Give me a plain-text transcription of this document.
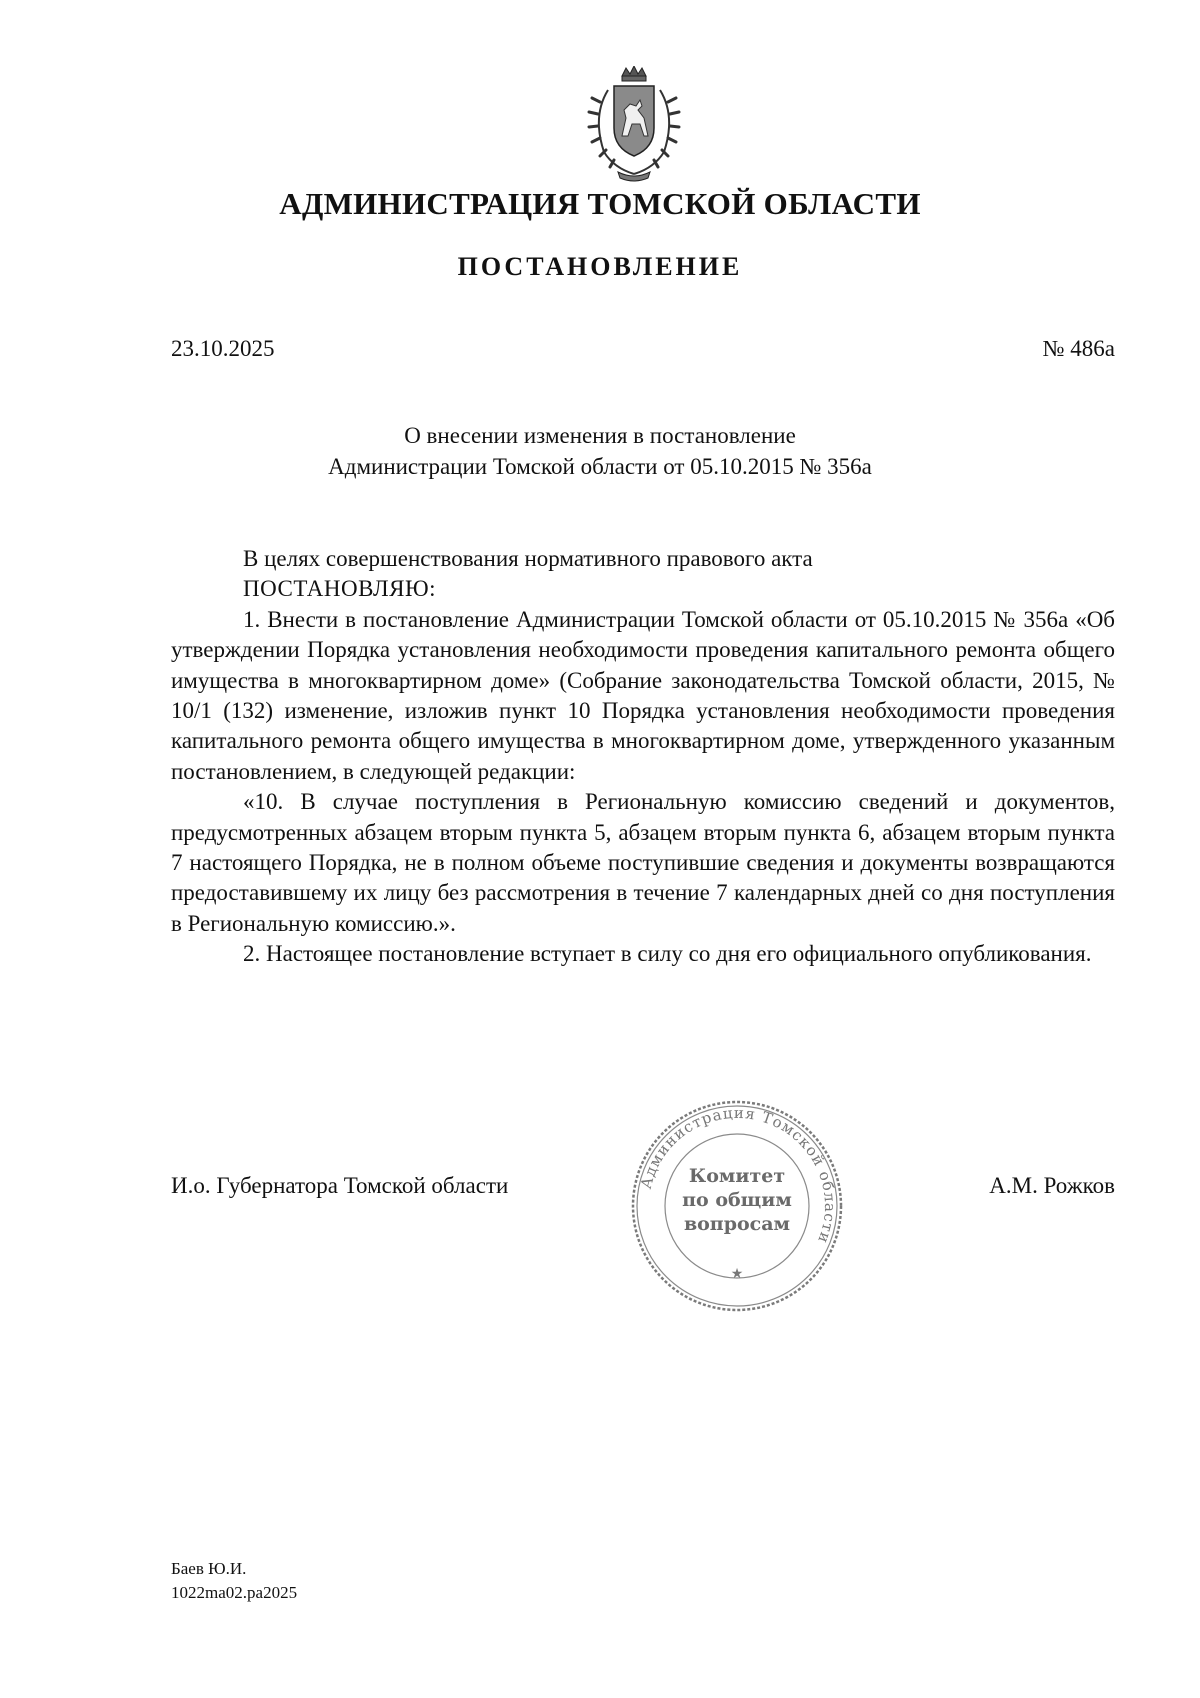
АДМИНИСТРАЦИЯ ТОМСКОЙ ОБЛАСТИ
ПОСТАНОВЛЕНИЕ
23.10.2025	№ 486а
О внесении изменения в постановление
Администрации Томской области от 05.10.2015 № 356а

В целях совершенствования нормативного правового акта

ПОСТАНОВЛЯЮ:

1. Внести в постановление Администрации Томской области от 05.10.2015 № 356а «Об утверждении Порядка установления необходимости проведения капитального ремонта общего имущества в многоквартирном доме» (Собрание законодательства Томской области, 2015, № 10/1 (132) изменение, изложив пункт 10 Порядка установления необходимости проведения капитального ремонта общего имущества в многоквартирном доме, утвержденного указанным постановлением, в следующей редакции:

«10. В случае поступления в Региональную комиссию сведений и документов, предусмотренных абзацем вторым пункта 5, абзацем вторым пункта 6, абзацем вторым пункта 7 настоящего Порядка, не в полном объеме поступившие сведения и документы возвращаются предоставившему их лицу без рассмотрения в течение 7 календарных дней со дня поступления в Региональную комиссию.».

2. Настоящее постановление вступает в силу со дня его официального опубликования.

И.о. Губернатора Томской области	А.М. Рожков
Администрация Томской области
★
Комитет
по общим
вопросам
Баев Ю.И.
1022ma02.pa2025
